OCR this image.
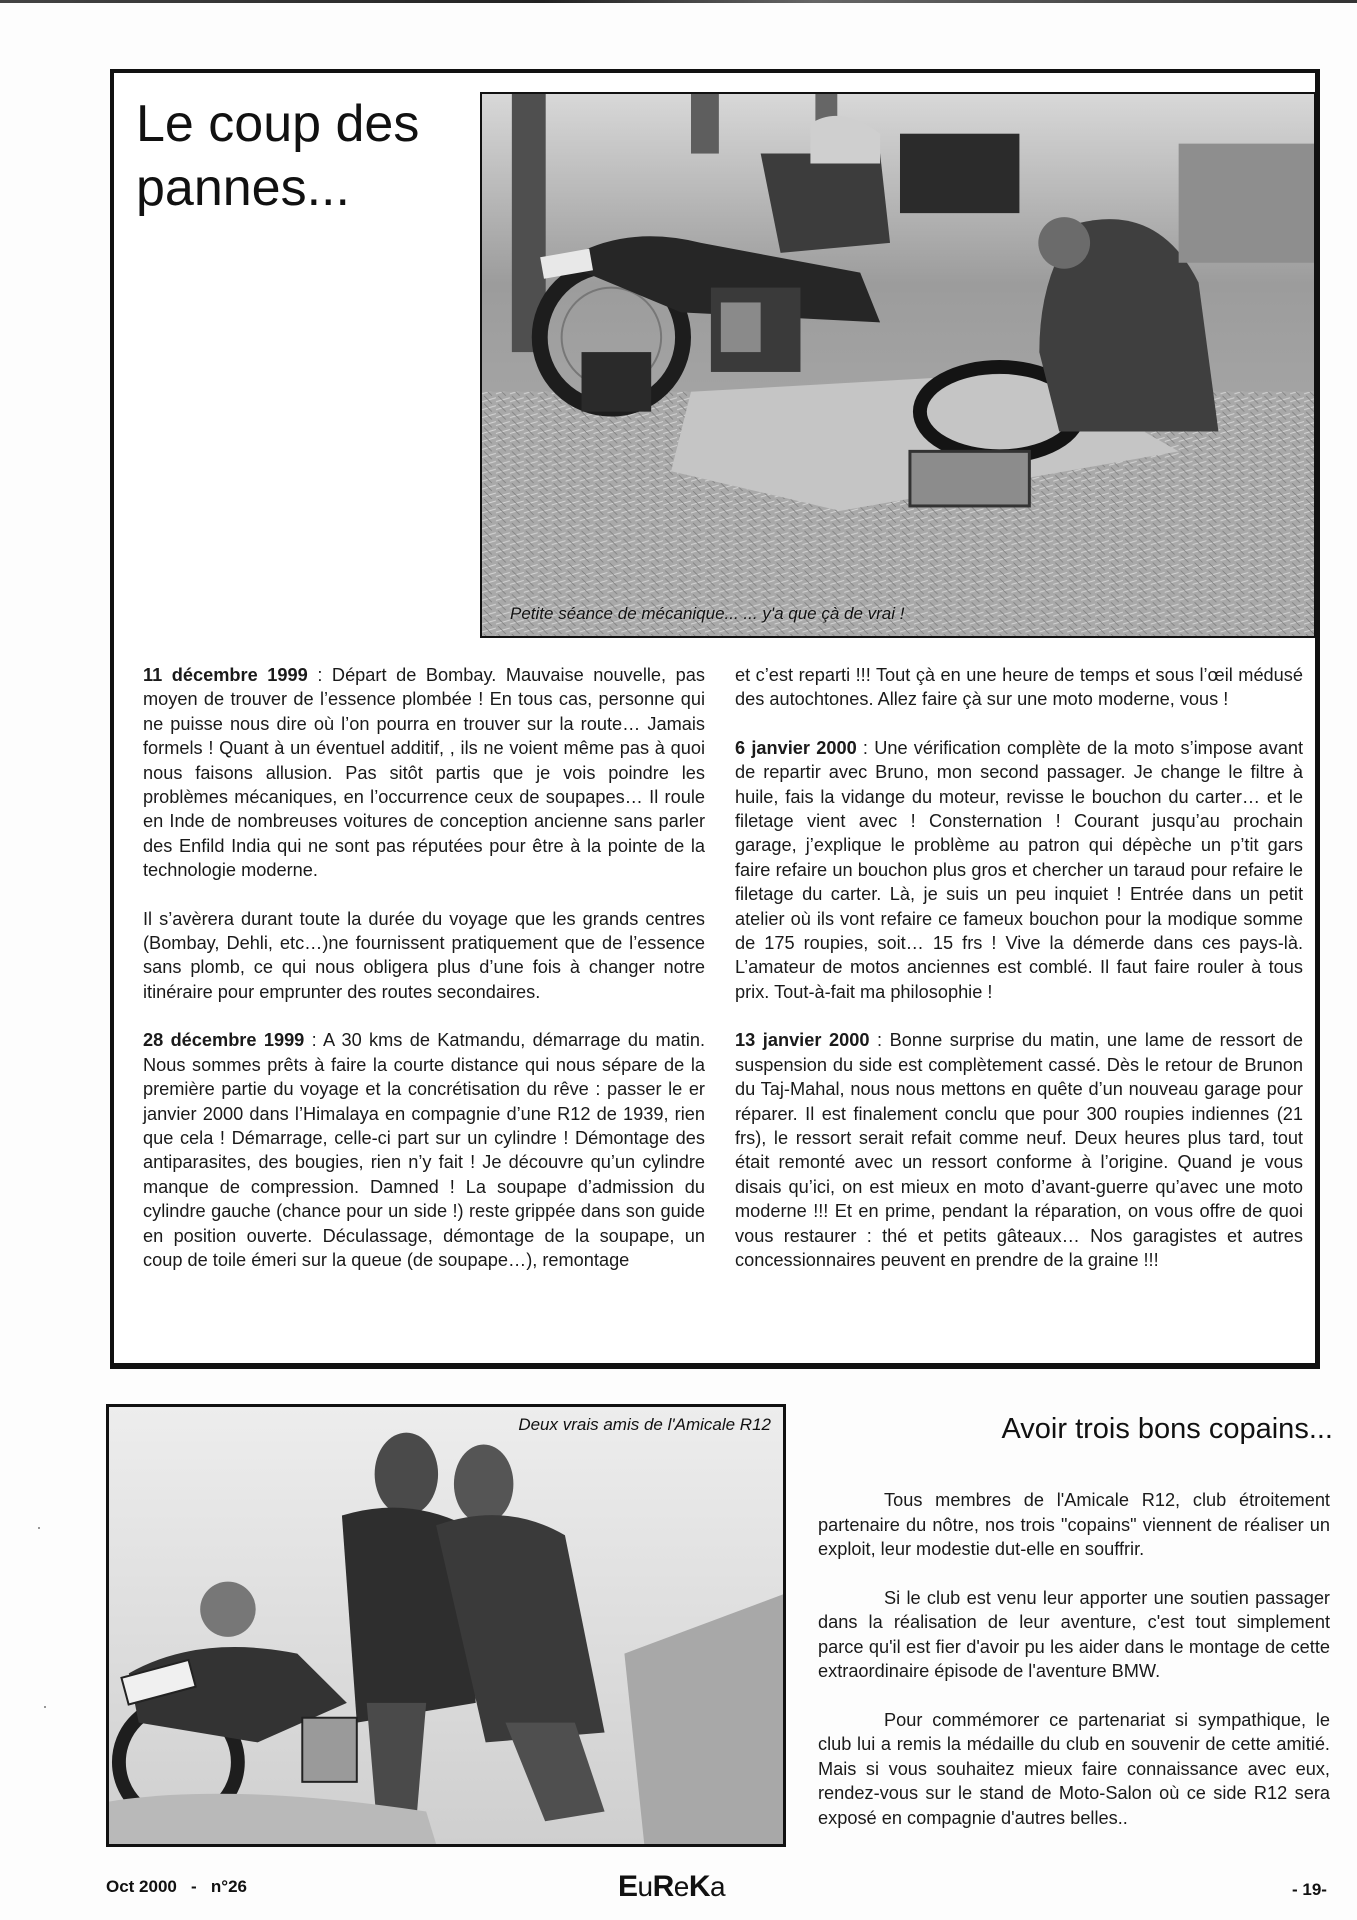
Le coup des pannes...
Petite séance de mécanique... ... y'a que çà de vrai !

11 décembre 1999 : Départ de Bombay. Mauvaise nouvelle, pas moyen de trouver de l’essence plombée ! En tous cas, personne qui ne puisse nous dire où l’on pourra en trouver sur la route… Jamais formels ! Quant à un éventuel additif, , ils ne voient même pas à quoi nous faisons allusion. Pas sitôt partis que je vois poindre les problèmes mécaniques, en l’occurrence ceux de soupapes… Il roule en Inde de nombreuses voitures de conception ancienne sans parler des Enfild India qui ne sont pas réputées pour être à la pointe de la technologie moderne.

Il s’avèrera durant toute la durée du voyage que les grands centres (Bombay, Dehli, etc…)ne fournissent pratiquement que de l’essence sans plomb, ce qui nous obligera plus d’une fois à changer notre itinéraire pour emprunter des routes secondaires.

28 décembre 1999 : A 30 kms de Katmandu, démarrage du matin. Nous sommes prêts à faire la courte distance qui nous sépare de la première partie du voyage et la concrétisation du rêve : passer le er janvier 2000 dans l’Himalaya en compagnie d’une R12 de 1939, rien que cela ! Démarrage, celle-ci part sur un cylindre ! Démontage des antiparasites, des bougies, rien n’y fait ! Je découvre qu’un cylindre manque de compression. Damned ! La soupape d’admission du cylindre gauche (chance pour un side !) reste grippée dans son guide en position ouverte. Déculassage, démontage de la soupape, un coup de toile émeri sur la queue (de soupape…), remontage

et c’est reparti !!! Tout çà en une heure de temps et sous l’œil médusé des autochtones. Allez faire çà sur une moto moderne, vous !

6 janvier 2000 : Une vérification complète de la moto s’impose avant de repartir avec Bruno, mon second passager. Je change le filtre à huile, fais la vidange du moteur, revisse le bouchon du carter… et le filetage vient avec ! Consternation ! Courant jusqu’au prochain garage, j’explique le problème au patron qui dépèche un p’tit gars faire refaire un bouchon plus gros et chercher un taraud pour refaire le filetage du carter. Là, je suis un peu inquiet ! Entrée dans un petit atelier où ils vont refaire ce fameux bouchon pour la modique somme de 175 roupies, soit… 15 frs ! Vive la démerde dans ces pays-là. L’amateur de motos anciennes est comblé. Il faut faire rouler à tous prix. Tout-à-fait ma philosophie !

13 janvier 2000 : Bonne surprise du matin, une lame de ressort de suspension du side est complètement cassé. Dès le retour de Brunon du Taj-Mahal, nous nous mettons en quête d’un nouveau garage pour réparer. Il est finalement conclu que pour 300 roupies indiennes (21 frs), le ressort serait refait comme neuf. Deux heures plus tard, tout était remonté avec un ressort conforme à l’origine. Quand je vous disais qu’ici, on est mieux en moto d’avant-guerre qu’avec une moto moderne !!! Et en prime, pendant la réparation, on vous offre de quoi vous restaurer : thé et petits gâteaux… Nos garagistes et autres concessionnaires peuvent en prendre de la graine !!!

Deux vrais amis de l'Amicale R12	Avoir trois bons copains...

Tous membres de l'Amicale R12, club étroitement partenaire du nôtre, nos trois "copains" viennent de réaliser un exploit, leur modestie dut-elle en souffrir.

Si le club est venu leur apporter une soutien passager dans la réalisation de leur aventure, c'est tout simplement parce qu'il est fier d'avoir pu les aider dans le montage de cette extraordinaire épisode de l'aventure BMW.

Pour commémorer ce partenariat si sympathique, le club lui a remis la médaille du club en souvenir de cette amitié. Mais si vous souhaitez mieux faire connaissance avec eux, rendez-vous sur le stand de Moto-Salon où ce side R12 sera exposé en compagnie d'autres belles..

Oct 2000   -   n°26	EuReKa	- 19-
